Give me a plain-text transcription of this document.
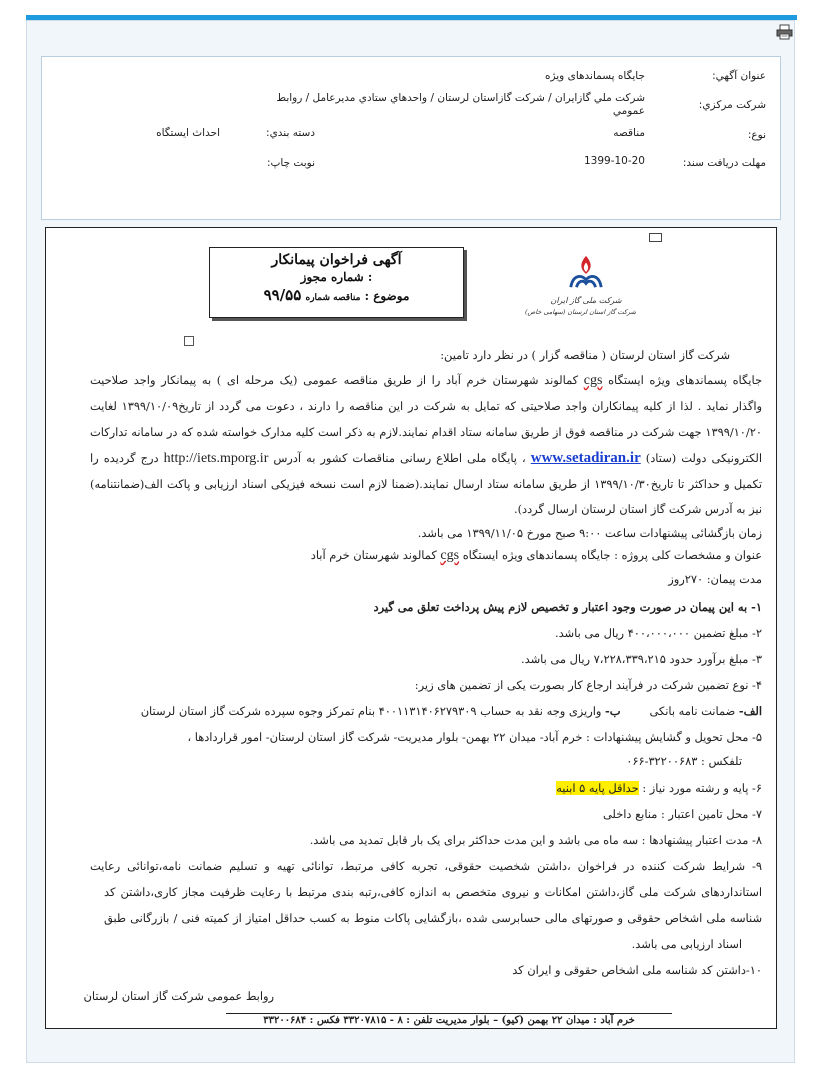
عنوان آگهي:
جايگاه پسماندهای ويژه
شرکت مرکزي:
شرکت ملي گازايران / شرکت گازاستان لرستان / واحدهاي ستادي مديرعامل / روابط
عمومي
نوع:
مناقصه
دسته بندي:
احداث ايستگاه
مهلت دريافت سند:
1399-10-20
نوبت چاپ:
آگهی فراخوان پیمانکار
شماره مجوز :
موضوع : مناقصه شماره ۹۹/۵۵	شرکت ملی گاز ایران
شرکت گاز استان لرستان (سهامی خاص)
شرکت گاز استان لرستان ( مناقصه گزار ) در نظر دارد تامین:
جایگاه پسماندهای ویژه ایستگاه cgs کمالوند شهرستان خرم آباد را از طریق مناقصه عمومی (یک مرحله ای ) به پیمانکار واجد صلاحیت
واگذار نماید . لذا از کلیه پیمانکاران واجد صلاحیتی که تمایل به شرکت در این مناقصه را دارند ، دعوت می گردد از تاریخ۱۳۹۹/۱۰/۰۹ لغایت
۱۳۹۹/۱۰/۲۰ جهت شرکت در مناقصه فوق از طریق سامانه ستاد اقدام نمایند.لازم به ذکر است کلیه مدارک خواسته شده که در سامانه تدارکات
الکترونیکی دولت (ستاد) www.setadiran.ir ، پایگاه ملی اطلاع رسانی مناقصات کشور به آدرس http://iets.mporg.ir درج گردیده را
تکمیل و حداکثر تا تاریخ۱۳۹۹/۱۰/۳۰ از طریق سامانه ستاد ارسال نمایند.(ضمنا لازم است نسخه فیزیکی اسناد ارزیابی و پاکت الف(ضمانتنامه)
نیز به آدرس شرکت گاز استان لرستان ارسال گردد).
زمان بازگشائی پیشنهادات ساعت ۹:۰۰ صبح مورخ ۱۳۹۹/۱۱/۰۵ می باشد.
عنوان و مشخصات کلی پروژه : جایگاه پسماندهای ویژه ایستگاه cgs کمالوند شهرستان خرم آباد
مدت پیمان: ۲۷۰روز
۱- به این پیمان در صورت وجود اعتبار و تخصیص لازم پیش پرداخت تعلق می گیرد
۲- مبلغ تضمین ۴۰۰،۰۰۰،۰۰۰ ریال می باشد.
۳- مبلغ برآورد حدود ۷،۲۲۸،۳۳۹،۲۱۵ ریال می باشد.
۴- نوع تضمین شرکت در فرآیند ارجاع کار بصورت یکی از تضمین های زیر:
الف- ضمانت نامه بانکی        ب- واریزی وجه نقد به حساب ۴۰۰۱۱۳۱۴۰۶۲۷۹۳۰۹ بنام تمرکز وجوه سپرده شرکت گاز استان لرستان
۵- محل تحویل و گشایش پیشنهادات : خرم آباد- میدان ۲۲ بهمن- بلوار مدیریت- شرکت گاز استان لرستان- امور قراردادها ،
تلفکس : ۳۲۲۰۰۶۸۳-۰۶۶
۶- پایه و رشته مورد نیاز : حداقل پایه ۵ ابنیه
۷- محل تامین اعتبار : منابع داخلی
۸- مدت اعتبار پیشنهادها : سه ماه می باشد و این مدت حداکثر برای یک بار قابل تمدید می باشد.
۹- شرایط شرکت کننده در فراخوان ،داشتن شخصیت حقوقی، تجربه کافی مرتبط، توانائی تهیه و تسلیم ضمانت نامه،توانائی رعایت
استانداردهای شرکت ملی گاز،داشتن امکانات و نیروی متخصص به اندازه کافی،رتبه بندی مرتبط با رعایت ظرفیت مجاز کاری،داشتن کد
شناسه ملی اشخاص حقوقی و صورتهای مالی حسابرسی شده ،بازگشایی پاکات منوط به کسب حداقل امتیاز از کمیته فنی / بازرگانی طبق
اسناد ارزیابی می باشد.
۱۰-داشتن کد شناسه ملی اشخاص حقوقی و ایران کد
روابط عمومی شرکت گاز استان لرستان
خرم آباد : میدان ۲۲ بهمن (کیو) – بلوار مدیریت تلفن : ۸ - ۳۳۲۰۷۸۱۵ فکس : ۳۳۲۰۰۶۸۴
